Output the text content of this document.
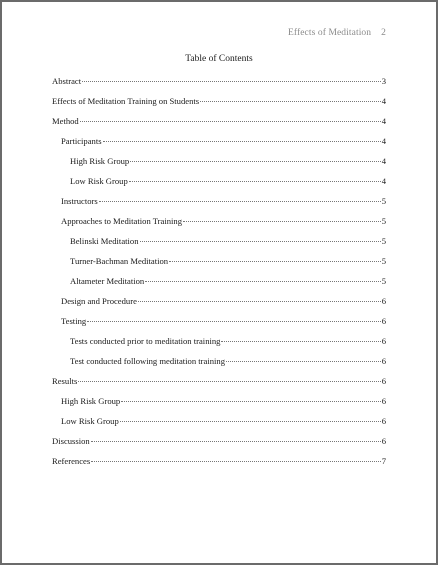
Effects of Meditation 2
Table of Contents
Abstract	3
Effects of Meditation Training on Students	4
Method	4
Participants	4
High Risk Group	4
Low Risk Group	4
Instructors	5
Approaches to Meditation Training	5
Belinski Meditation	5
Turner-Bachman Meditation	5
Altameter Meditation	5
Design and Procedure	6
Testing	6
Tests conducted prior to meditation training	6
Test conducted following meditation training	6
Results	6
High Risk Group	6
Low Risk Group	6
Discussion	6
References	7
